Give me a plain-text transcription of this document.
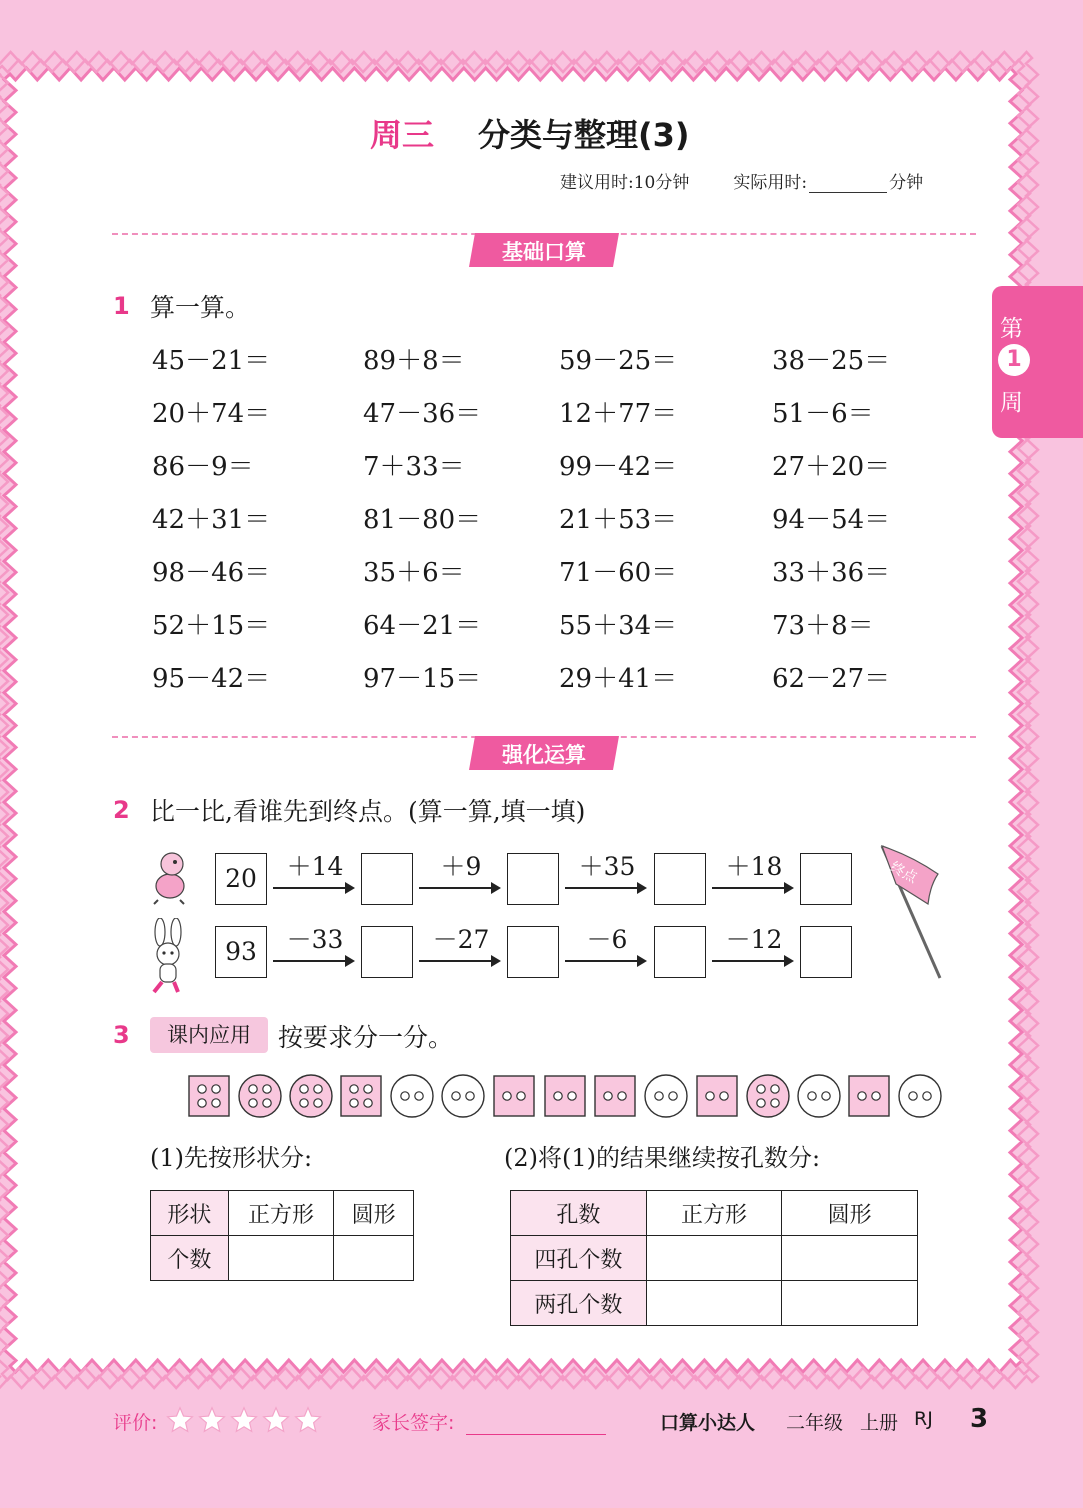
周三 分类与整理(3)
建议用时:10分钟	实际用时:	分钟
第
1
周
基础口算
1 算一算。
45－21＝	89＋8＝	59－25＝	38－25＝
20＋74＝	47－36＝	12＋77＝	51－6＝
86－9＝	7＋33＝	99－42＝	27＋20＝
42＋31＝	81－80＝	21＋53＝	94－54＝
98－46＝	35＋6＝	71－60＝	33＋36＝
52＋15＝	64－21＝	55＋34＝	73＋8＝
95－42＝	97－15＝	29＋41＝	62－27＝
强化运算
2 比一比,看谁先到终点。(算一算,填一填)
20	＋14	＋9	＋35	＋18
93	－33	－27	－6	－12
终点
3	课内应用	按要求分一分。
(1)先按形状分:	(2)将(1)的结果继续按孔数分:
形状	正方形	圆形
个数		
孔数	正方形	圆形
四孔个数		
两孔个数		
评价:	家长签字:	口算小达人 二年级 上册 RJ 3
